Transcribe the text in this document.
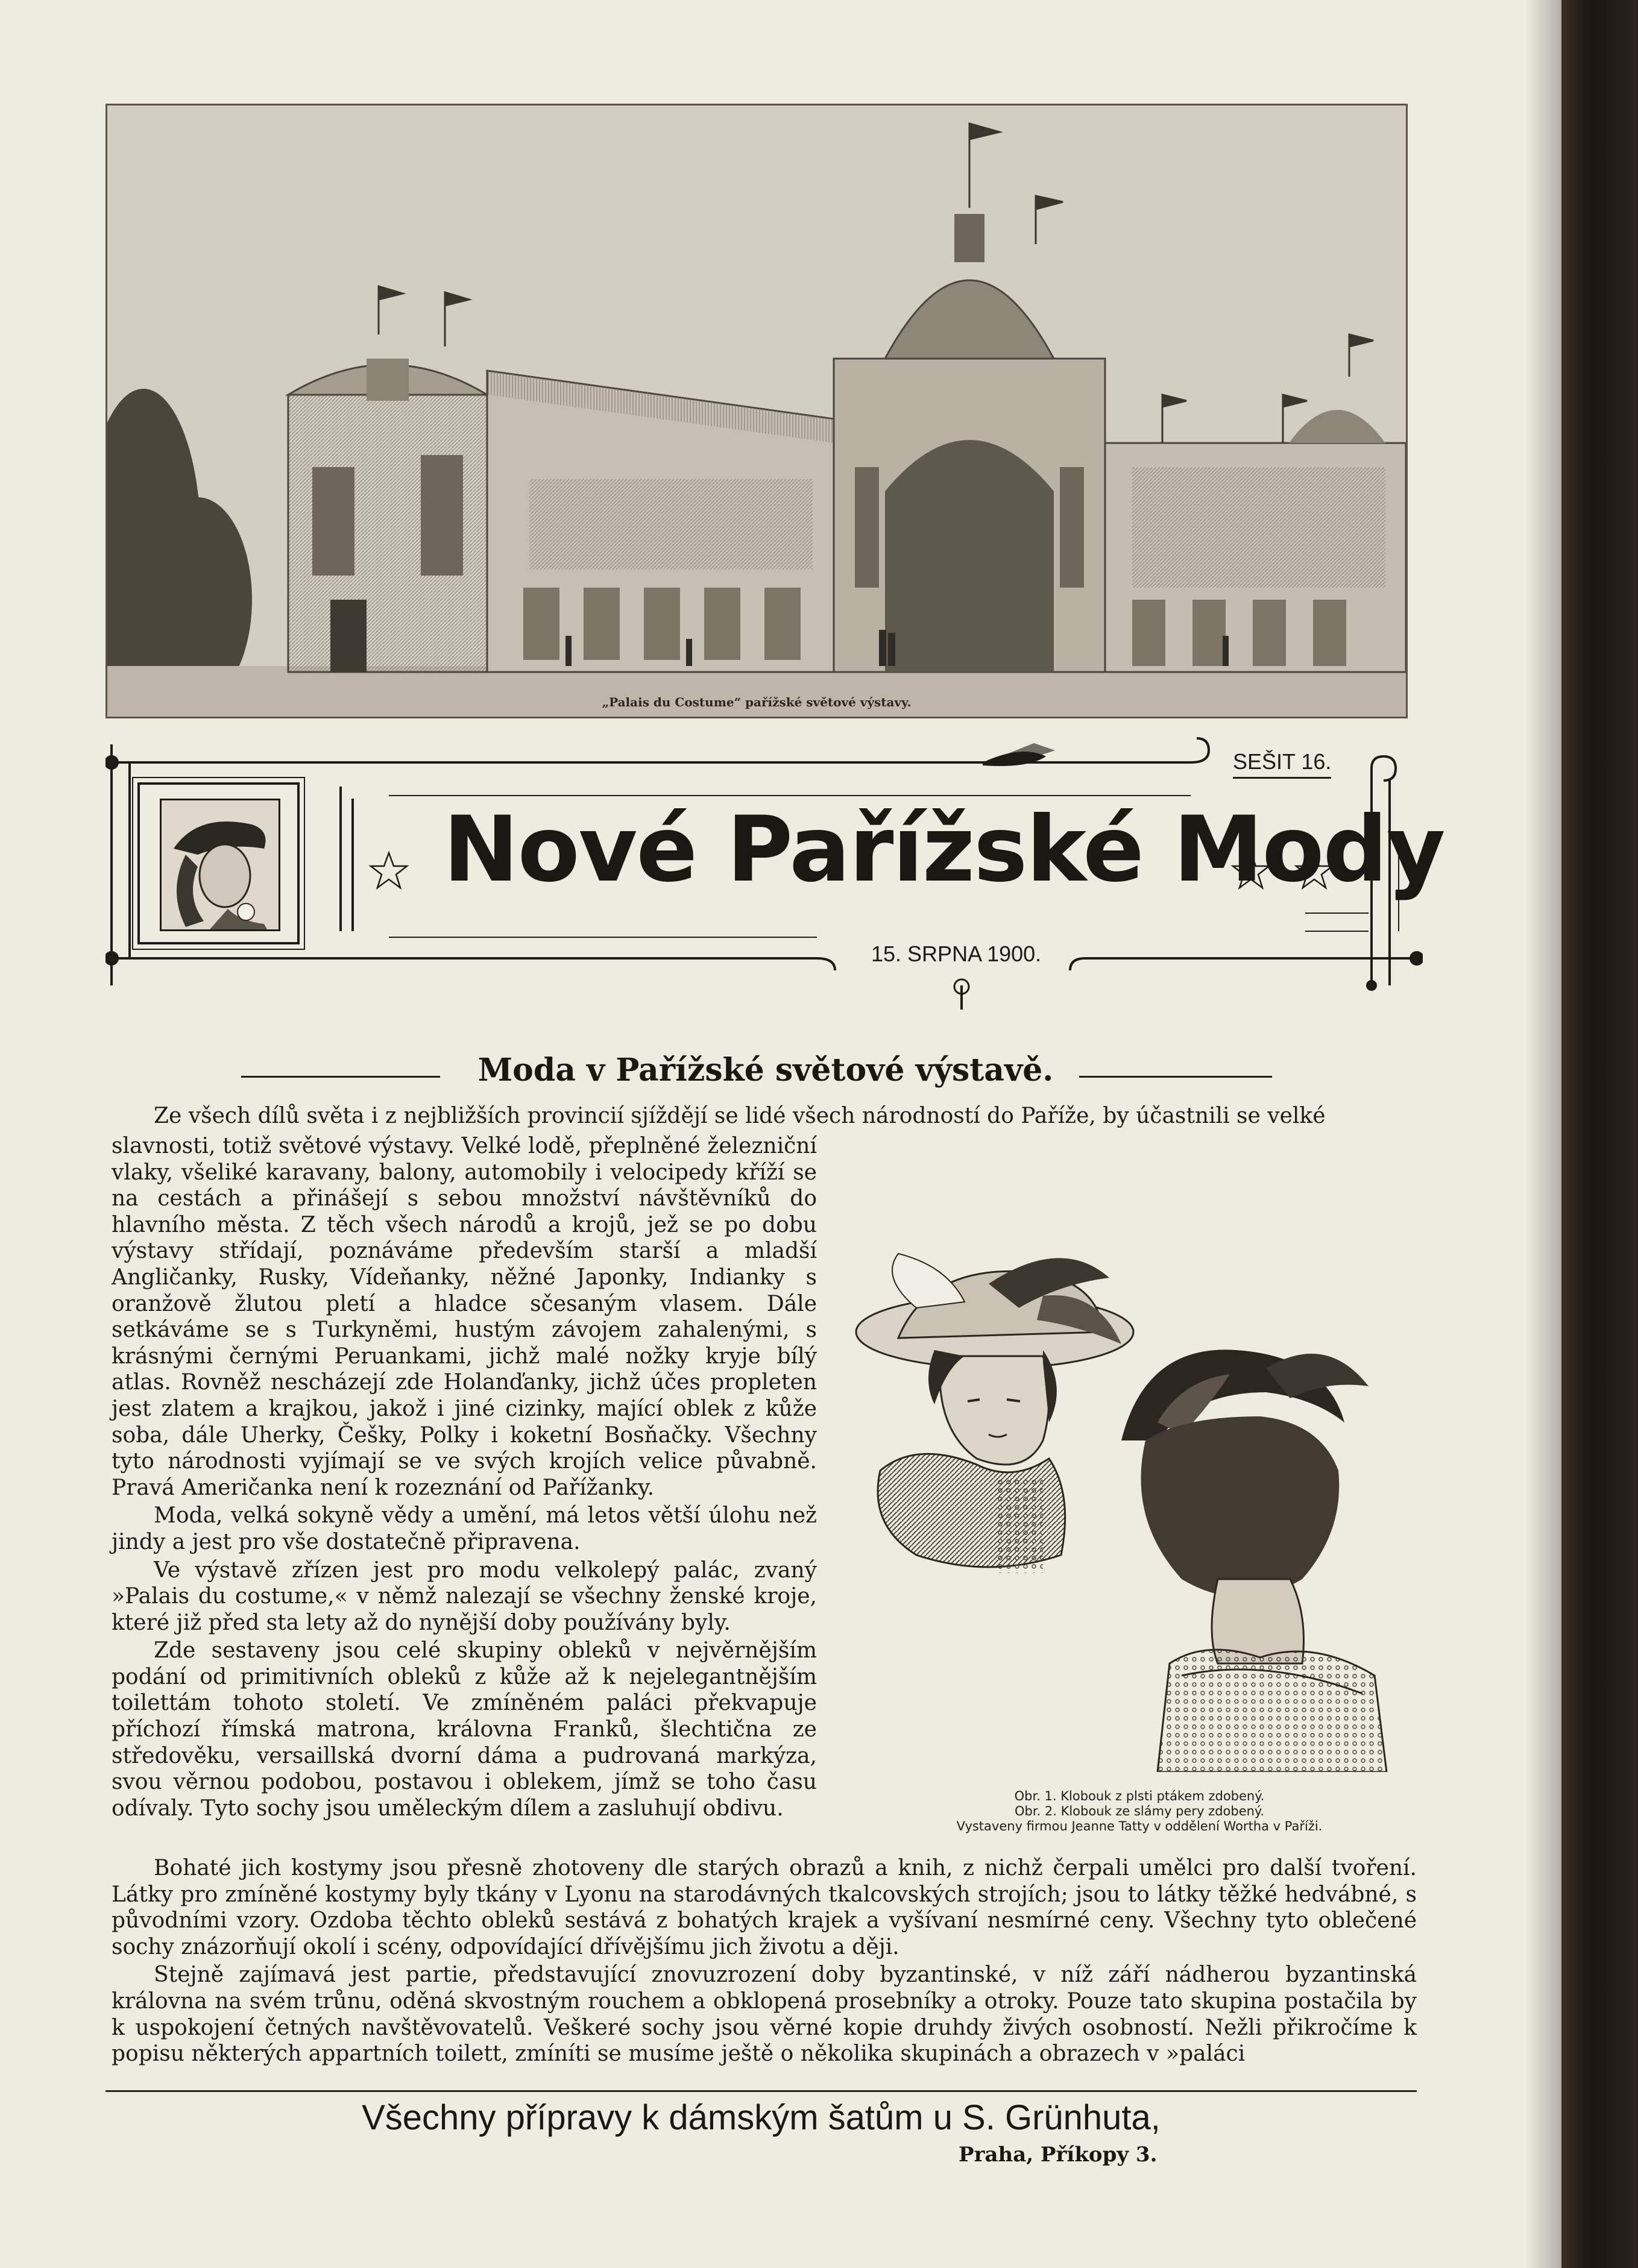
„Palais du Costume“ pařížské světové výstavy.
SEŠIT 16.
Nové Pařížské Mody
15. SRPNA 1900.
Moda v Pařížské světové výstavě.
Ze všech dílů světa i z nejbližších provincií sjíždějí se lidé všech národností do Paříže, by účastnili se velké

slavnosti, totiž světové výstavy. Velké lodě, přeplněné železniční vlaky, všeliké karavany, balony, automobily i velocipedy kříží se na cestách a přinášejí s sebou množství návštěvníků do hlavního města. Z těch všech národů a krojů, jež se po dobu výstavy střídají, poznáváme především starší a mladší Angličanky, Rusky, Vídeňanky, něžné Japonky, Indianky s oranžově žlutou pletí a hladce sčesaným vlasem. Dále setkáváme se s Turkyněmi, hustým závojem zahalenými, s krásnými černými Peruankami, jichž malé nožky kryje bílý atlas. Rovněž nescházejí zde Holanďanky, jichž účes propleten jest zlatem a krajkou, jakož i jiné cizinky, mající oblek z kůže soba, dále Uherky, Češky, Polky i koketní Bosňačky. Všechny tyto národnosti vyjímají se ve svých krojích velice půvabně. Pravá Američanka není k rozeznání od Pařížanky.

Moda, velká sokyně vědy a umění, má letos větší úlohu než jindy a jest pro vše dostatečně připravena.

Ve výstavě zřízen jest pro modu velkolepý palác, zvaný »Palais du costume,« v němž nalezají se všechny ženské kroje, které již před sta lety až do nynější doby používány byly.

Zde sestaveny jsou celé skupiny obleků v nejvěrnějším podání od primitivních obleků z kůže až k nejelegantnějším toilettám tohoto století. Ve zmíněném paláci překvapuje příchozí římská matrona, královna Franků, šlechtična ze středověku, versaillská dvorní dáma a pudrovaná markýza, svou věrnou podobou, postavou i oblekem, jímž se toho času odívaly. Tyto sochy jsou uměleckým dílem a zasluhují obdivu.	Obr. 1. Klobouk z plsti ptákem zdobený.
Obr. 2. Klobouk ze slámy pery zdobený.
Vystaveny firmou Jeanne Tatty v oddělení Wortha v Paříži.

Bohaté jich kostymy jsou přesně zhotoveny dle starých obrazů a knih, z nichž čerpali umělci pro další tvoření. Látky pro zmíněné kostymy byly tkány v Lyonu na starodávných tkalcovských strojích; jsou to látky těžké hedvábné, s původními vzory. Ozdoba těchto obleků sestává z bohatých krajek a vyšívaní nesmírné ceny. Všechny tyto oblečené sochy znázorňují okolí i scény, odpovídající dřívějšímu jich životu a ději.

Stejně zajímavá jest partie, představující znovuzrození doby byzantinské, v níž září nádherou byzantinská královna na svém trůnu, oděná skvostným rouchem a obklopená prosebníky a otroky. Pouze tato skupina postačila by k uspokojení četných navštěvovatelů. Veškeré sochy jsou věrné kopie druhdy živých osobností. Nežli přikročíme k popisu některých appartních toilett, zmíníti se musíme ještě o několika skupinách a obrazech v »paláci

Všechny přípravy k dámským šatům u S. Grünhuta,
Praha, Příkopy 3.
